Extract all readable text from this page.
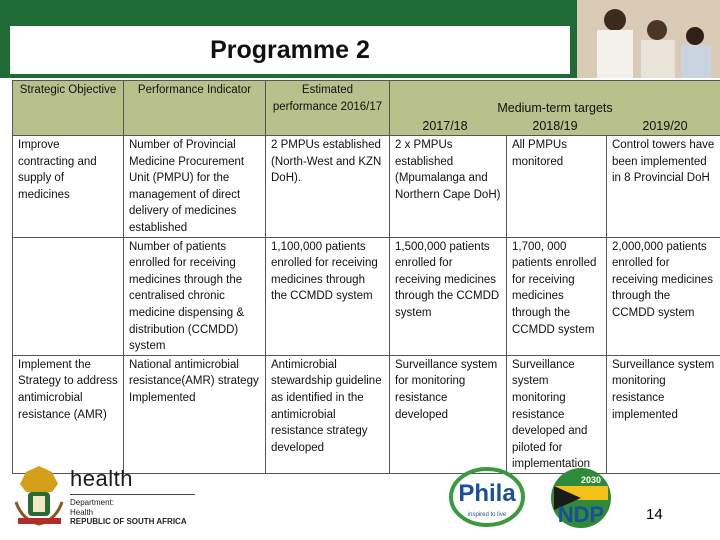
Programme 2
Strategic Objective	Performance Indicator	Estimated performance 2016/17	Medium-term targets
2017/18 2018/19 2019/20		

Improve contracting and supply of medicines	Number of Provincial Medicine Procurement Unit (PMPU) for the management of direct delivery of medicines established	2 PMPUs established (North-West and KZN DoH).	2 x PMPUs established (Mpumalanga and Northern Cape DoH)	All PMPUs monitored	Control towers have been implemented in 8 Provincial DoH
	Number of patients enrolled for receiving medicines through the centralised chronic medicine dispensing & distribution (CCMDD) system	1,100,000 patients enrolled for receiving medicines through the CCMDD system	1,500,000 patients enrolled for receiving medicines through the CCMDD system	1,700, 000 patients enrolled for receiving medicines through the CCMDD system	2,000,000 patients enrolled for receiving medicines through the CCMDD system
Implement the Strategy to address antimicrobial resistance (AMR)	National antimicrobial resistance(AMR) strategy Implemented	Antimicrobial stewardship guideline as identified in the antimicrobial resistance strategy developed	Surveillance system for monitoring resistance developed	Surveillance system monitoring resistance developed and piloted for implementation	Surveillance system monitoring resistance implemented
health
Department:
Health
REPUBLIC OF SOUTH AFRICA
Phila
inspired to live
2030
NDP	14
